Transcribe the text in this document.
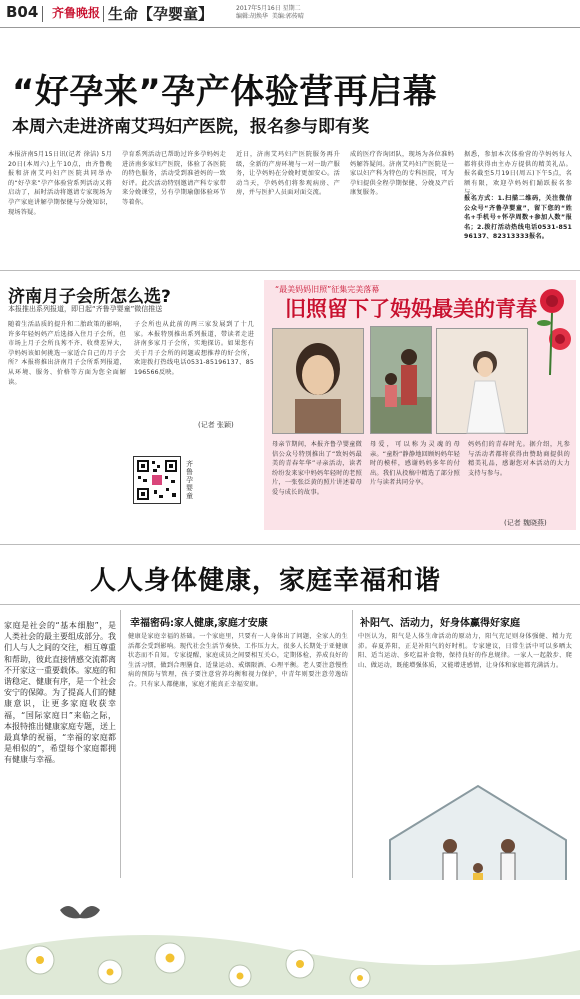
B04 齐鲁晚报 生命【孕婴童】	2017年5月16日 星期二
编辑:胡焕华 美编:郭传晴
“好孕来”孕产体验营再启幕
本周六走进济南艾玛妇产医院，报名参与即有奖
本报济南5月15日讯(记者 徐洁) 5月20日(本周六)上午10点，由齐鲁晚报和济南艾玛妇产医院共同举办的“好孕来”孕产体验营系列活动又将启动了，届时活动将邀请专家现场为孕产家庭讲解孕期保健与分娩知识，现场答疑。
孕育系列活动已帮助过许多孕妈妈走进济南多家妇产医院，体验了各医院的特色服务，活动受到准爸妈的一致好评。此次活动特别邀请产科专家带来分娩课堂，另有孕期瑜伽体验环节等着你。
近日，济南艾玛妇产医院服务再升级，全新的产房环境与一对一助产服务，让孕妈妈在分娩时更加安心。活动当天，孕妈妈们将参观病房、产房，并与医护人员面对面交流。
成的医疗咨询团队，现场为各位准妈妈解答疑问。济南艾玛妇产医院是一家以妇产科为特色的专科医院，可为孕妇提供全程孕期保健、分娩及产后康复服务。
据悉，参加本次体验营的孕妈妈每人都将获得由主办方提供的精美礼品。报名截至5月19日(周五)下午5点，名额有限，欢迎孕妈妈们踊跃报名参与。
报名方式：1.扫描二维码，关注微信公众号“齐鲁孕婴童”，留下您的“姓名+手机号+怀孕周数+参加人数”报名；2.拨打活动热线电话0531-85196137、82313333报名。
济南月子会所怎么选?
本报推出系列报道，即日起“齐鲁孕婴童”微信推送
随着生活品质的提升和二胎政策的影响，许多年轻妈妈产后选择入住月子会所，但市场上月子会所良莠不齐、收费差异大，孕妈妈该如何挑选一家适合自己的月子会所？本报将推出济南月子会所系列报道，从环境、服务、价格等方面为您全面解读。
子会所也从此前的两三家发展到了十几家。本报特别推出系列报道，带读者走进济南多家月子会所，实地探访。如果您有关于月子会所的问题或想推荐的好会所，欢迎拨打热线电话0531-85196137、85196566反映。
(记者 张颖)
齐鲁孕婴童
“最美妈妈旧照”征集完美落幕
旧照留下了妈妈最美的青春
母亲节期间，本报齐鲁孕婴童微信公众号特别推出了“致妈妈最美的青春年华”寻亲活动，读者纷纷发来家中妈妈年轻时的老照片，一张张泛黄的照片讲述着母爱与成长的故事。
母爱，可以称为灵魂的母亲。“童粉”静静地回顾妈妈年轻时的模样，感谢妈妈多年的付出。我们从投稿中精选了部分照片与读者共同分享。
妈妈们的青春时光。据介绍，凡参与活动者都将获得由赞助商提供的精美礼品，感谢您对本活动的大力支持与参与。
(记者 魏晓燕)
人人身体健康，家庭幸福和谐
家庭是社会的“基本细胞”，是人类社会的最主要组成部分。我们人与人之间的交往，相互尊重和帮助，彼此直接情感交流都离不开家这一重要载体。家庭的和谐稳定、健康有序，是一个社会安宁的保障。为了提高人们的健康意识，让更多家庭收获幸福，“国际家庭日”来临之际，本报特推出健康家庭专题，送上最真挚的祝福，“幸福的家庭都是相似的”，希望每个家庭都拥有健康与幸福。
幸福密码:家人健康,家庭才安康
健康是家庭幸福的基础。一个家庭里，只要有一人身体出了问题，全家人的生活都会受到影响。现代社会生活节奏快、工作压力大，很多人长期处于亚健康状态而不自知。专家提醒，家庭成员之间要相互关心，定期体检，养成良好的生活习惯，做到合理膳食、适量运动、戒烟限酒、心理平衡。老人要注意慢性病的预防与管理，孩子要注意营养均衡和视力保护，中青年则要注意劳逸结合。只有家人都健康，家庭才能真正幸福安康。
补阳气、活动力，好身体赢得好家庭
中医认为，阳气是人体生命活动的原动力，阳气充足则身体强健、精力充沛。春夏养阳，正是补阳气的好时机。专家建议，日常生活中可以多晒太阳、适当运动、多吃温补食物，保持良好的作息规律。一家人一起散步、爬山、做运动，既能增强体质，又能增进感情，让身体和家庭都充满活力。
